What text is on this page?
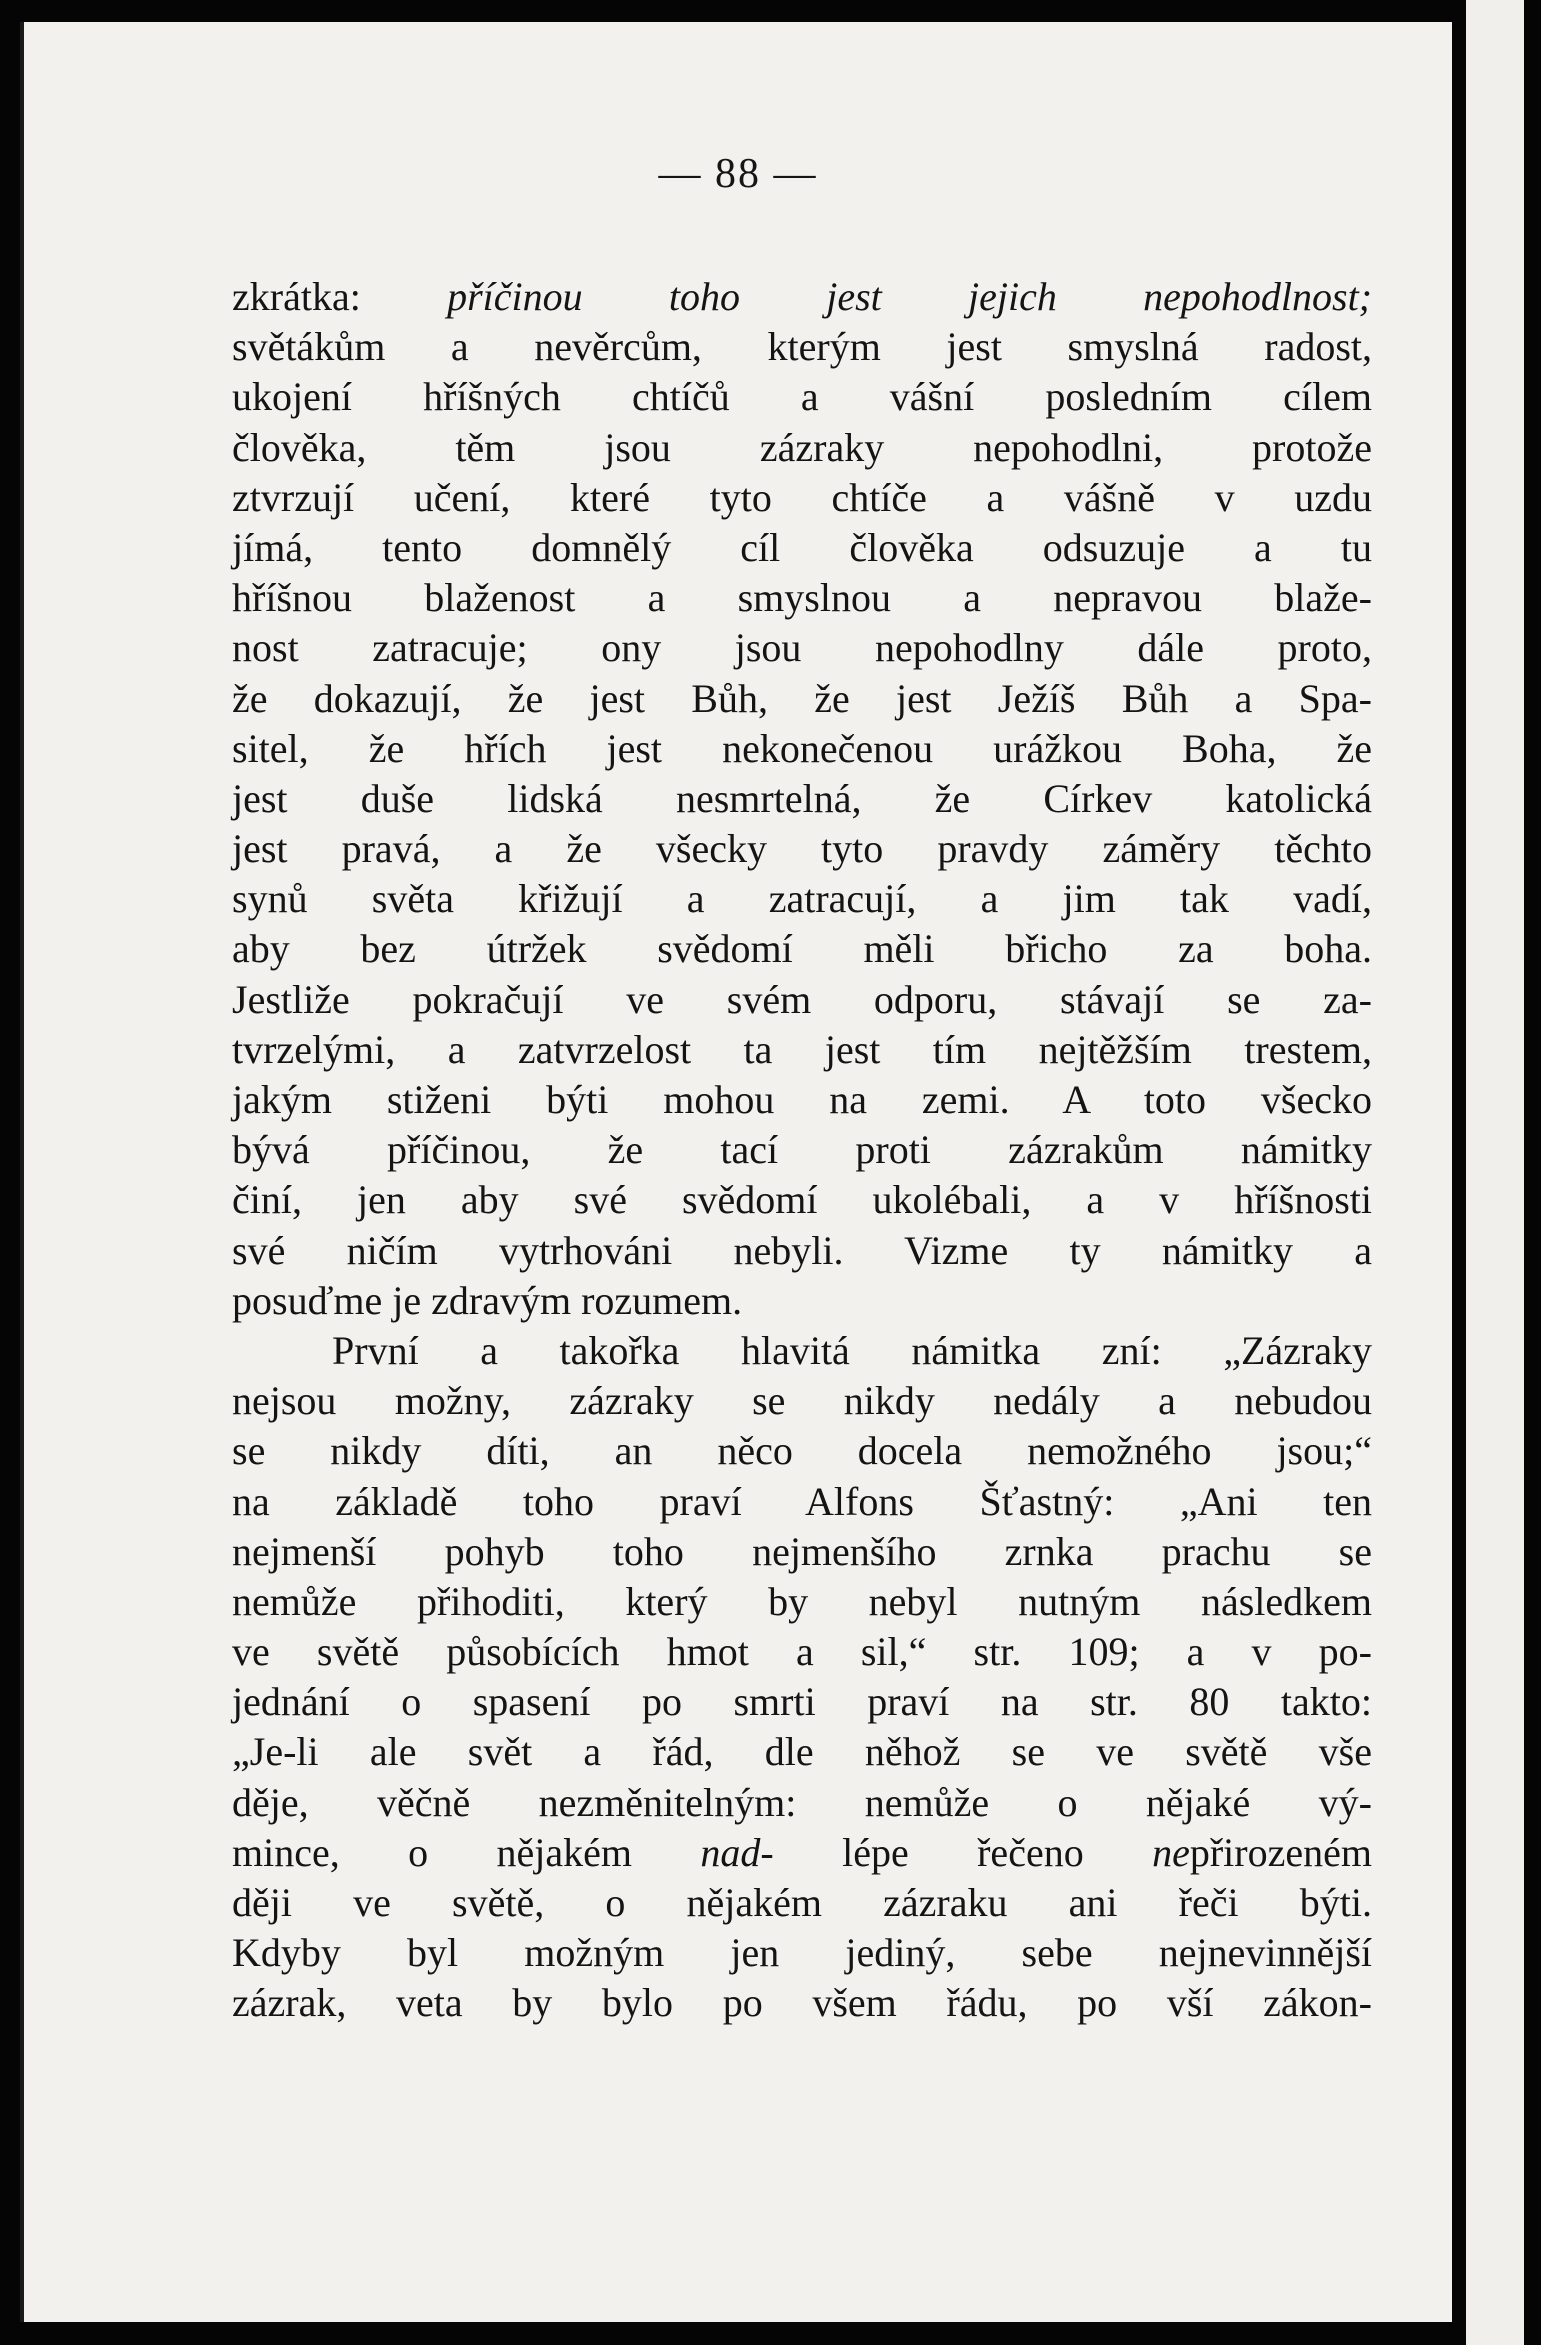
— 88 —
zkrátka: příčinou toho jest jejich nepohodlnost;
světákům a nevěrcům, kterým jest smyslná radost,
ukojení hříšných chtíčů a vášní posledním cílem
člověka, těm jsou zázraky nepohodlni, protože
ztvrzují učení, které tyto chtíče a vášně v uzdu
jímá, tento domnělý cíl člověka odsuzuje a tu
hříšnou blaženost a smyslnou a nepravou blaže-
nost zatracuje; ony jsou nepohodlny dále proto,
že dokazují, že jest Bůh, že jest Ježíš Bůh a Spa-
sitel, že hřích jest nekonečenou urážkou Boha, že
jest duše lidská nesmrtelná, že Církev katolická
jest pravá, a že všecky tyto pravdy záměry těchto
synů světa křižují a zatracují, a jim tak vadí,
aby bez útržek svědomí měli břicho za boha.
Jestliže pokračují ve svém odporu, stávají se za-
tvrzelými, a zatvrzelost ta jest tím nejtěžším trestem,
jakým stiženi býti mohou na zemi. A toto všecko
bývá příčinou, že tací proti zázrakům námitky
činí, jen aby své svědomí ukolébali, a v hříšnosti
své ničím vytrhováni nebyli. Vizme ty námitky a
posuďme je zdravým rozumem.
První a takořka hlavitá námitka zní: „Zázraky
nejsou možny, zázraky se nikdy nedály a nebudou
se nikdy díti, an něco docela nemožného jsou;“
na základě toho praví Alfons Šťastný: „Ani ten
nejmenší pohyb toho nejmenšího zrnka prachu se
nemůže přihoditi, který by nebyl nutným následkem
ve světě působících hmot a sil,“ str. 109; a v po-
jednání o spasení po smrti praví na str. 80 takto:
„Je-li ale svět a řád, dle něhož se ve světě vše
děje, věčně nezměnitelným: nemůže o nějaké vý-
mince, o nějakém nad- lépe řečeno nepřirozeném
ději ve světě, o nějakém zázraku ani řeči býti.
Kdyby byl možným jen jediný, sebe nejnevinnější
zázrak, veta by bylo po všem řádu, po vší zákon-
